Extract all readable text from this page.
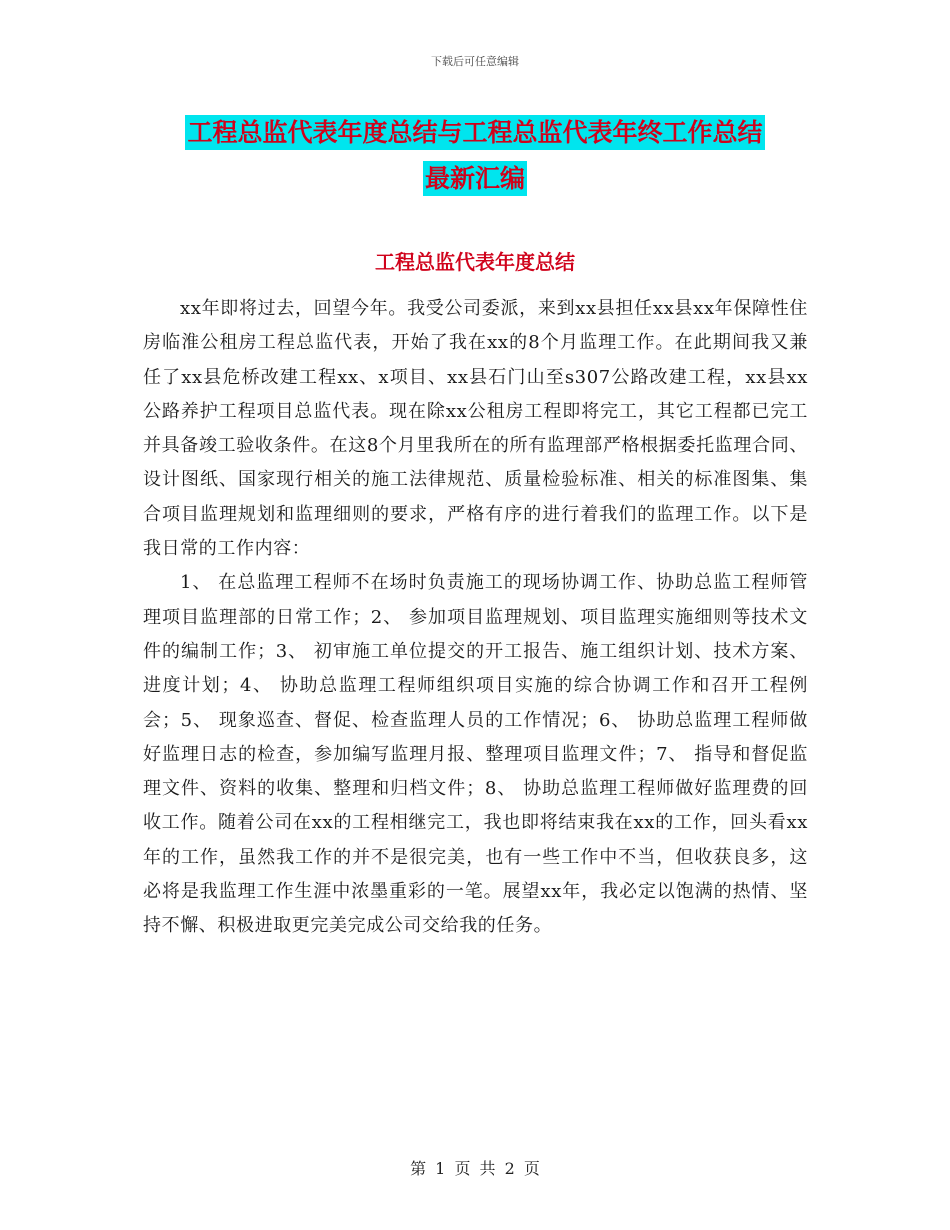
下载后可任意编辑
工程总监代表年度总结与工程总监代表年终工作总结
最新汇编
工程总监代表年度总结

xx年即将过去，回望今年。我受公司委派，来到xx县担任xx县xx年保障性住房临淮公租房工程总监代表，开始了我在xx的8个月监理工作。在此期间我又兼任了xx县危桥改建工程xx、x项目、xx县石门山至s307公路改建工程，xx县xx公路养护工程项目总监代表。现在除xx公租房工程即将完工，其它工程都已完工并具备竣工验收条件。在这8个月里我所在的所有监理部严格根据委托监理合同、设计图纸、国家现行相关的施工法律规范、质量检验标准、相关的标准图集、集合项目监理规划和监理细则的要求，严格有序的进行着我们的监理工作。以下是我日常的工作内容：

1、 在总监理工程师不在场时负责施工的现场协调工作、协助总监工程师管理项目监理部的日常工作；2、 参加项目监理规划、项目监理实施细则等技术文件的编制工作；3、 初审施工单位提交的开工报告、施工组织计划、技术方案、进度计划；4、 协助总监理工程师组织项目实施的综合协调工作和召开工程例会；5、 现象巡查、督促、检查监理人员的工作情况；6、 协助总监理工程师做好监理日志的检查，参加编写监理月报、整理项目监理文件；7、 指导和督促监理文件、资料的收集、整理和归档文件；8、 协助总监理工程师做好监理费的回收工作。随着公司在xx的工程相继完工，我也即将结束我在xx的工作，回头看xx年的工作，虽然我工作的并不是很完美，也有一些工作中不当，但收获良多，这必将是我监理工作生涯中浓墨重彩的一笔。展望xx年，我必定以饱满的热情、坚持不懈、积极进取更完美完成公司交给我的任务。

第 1 页 共 2 页
